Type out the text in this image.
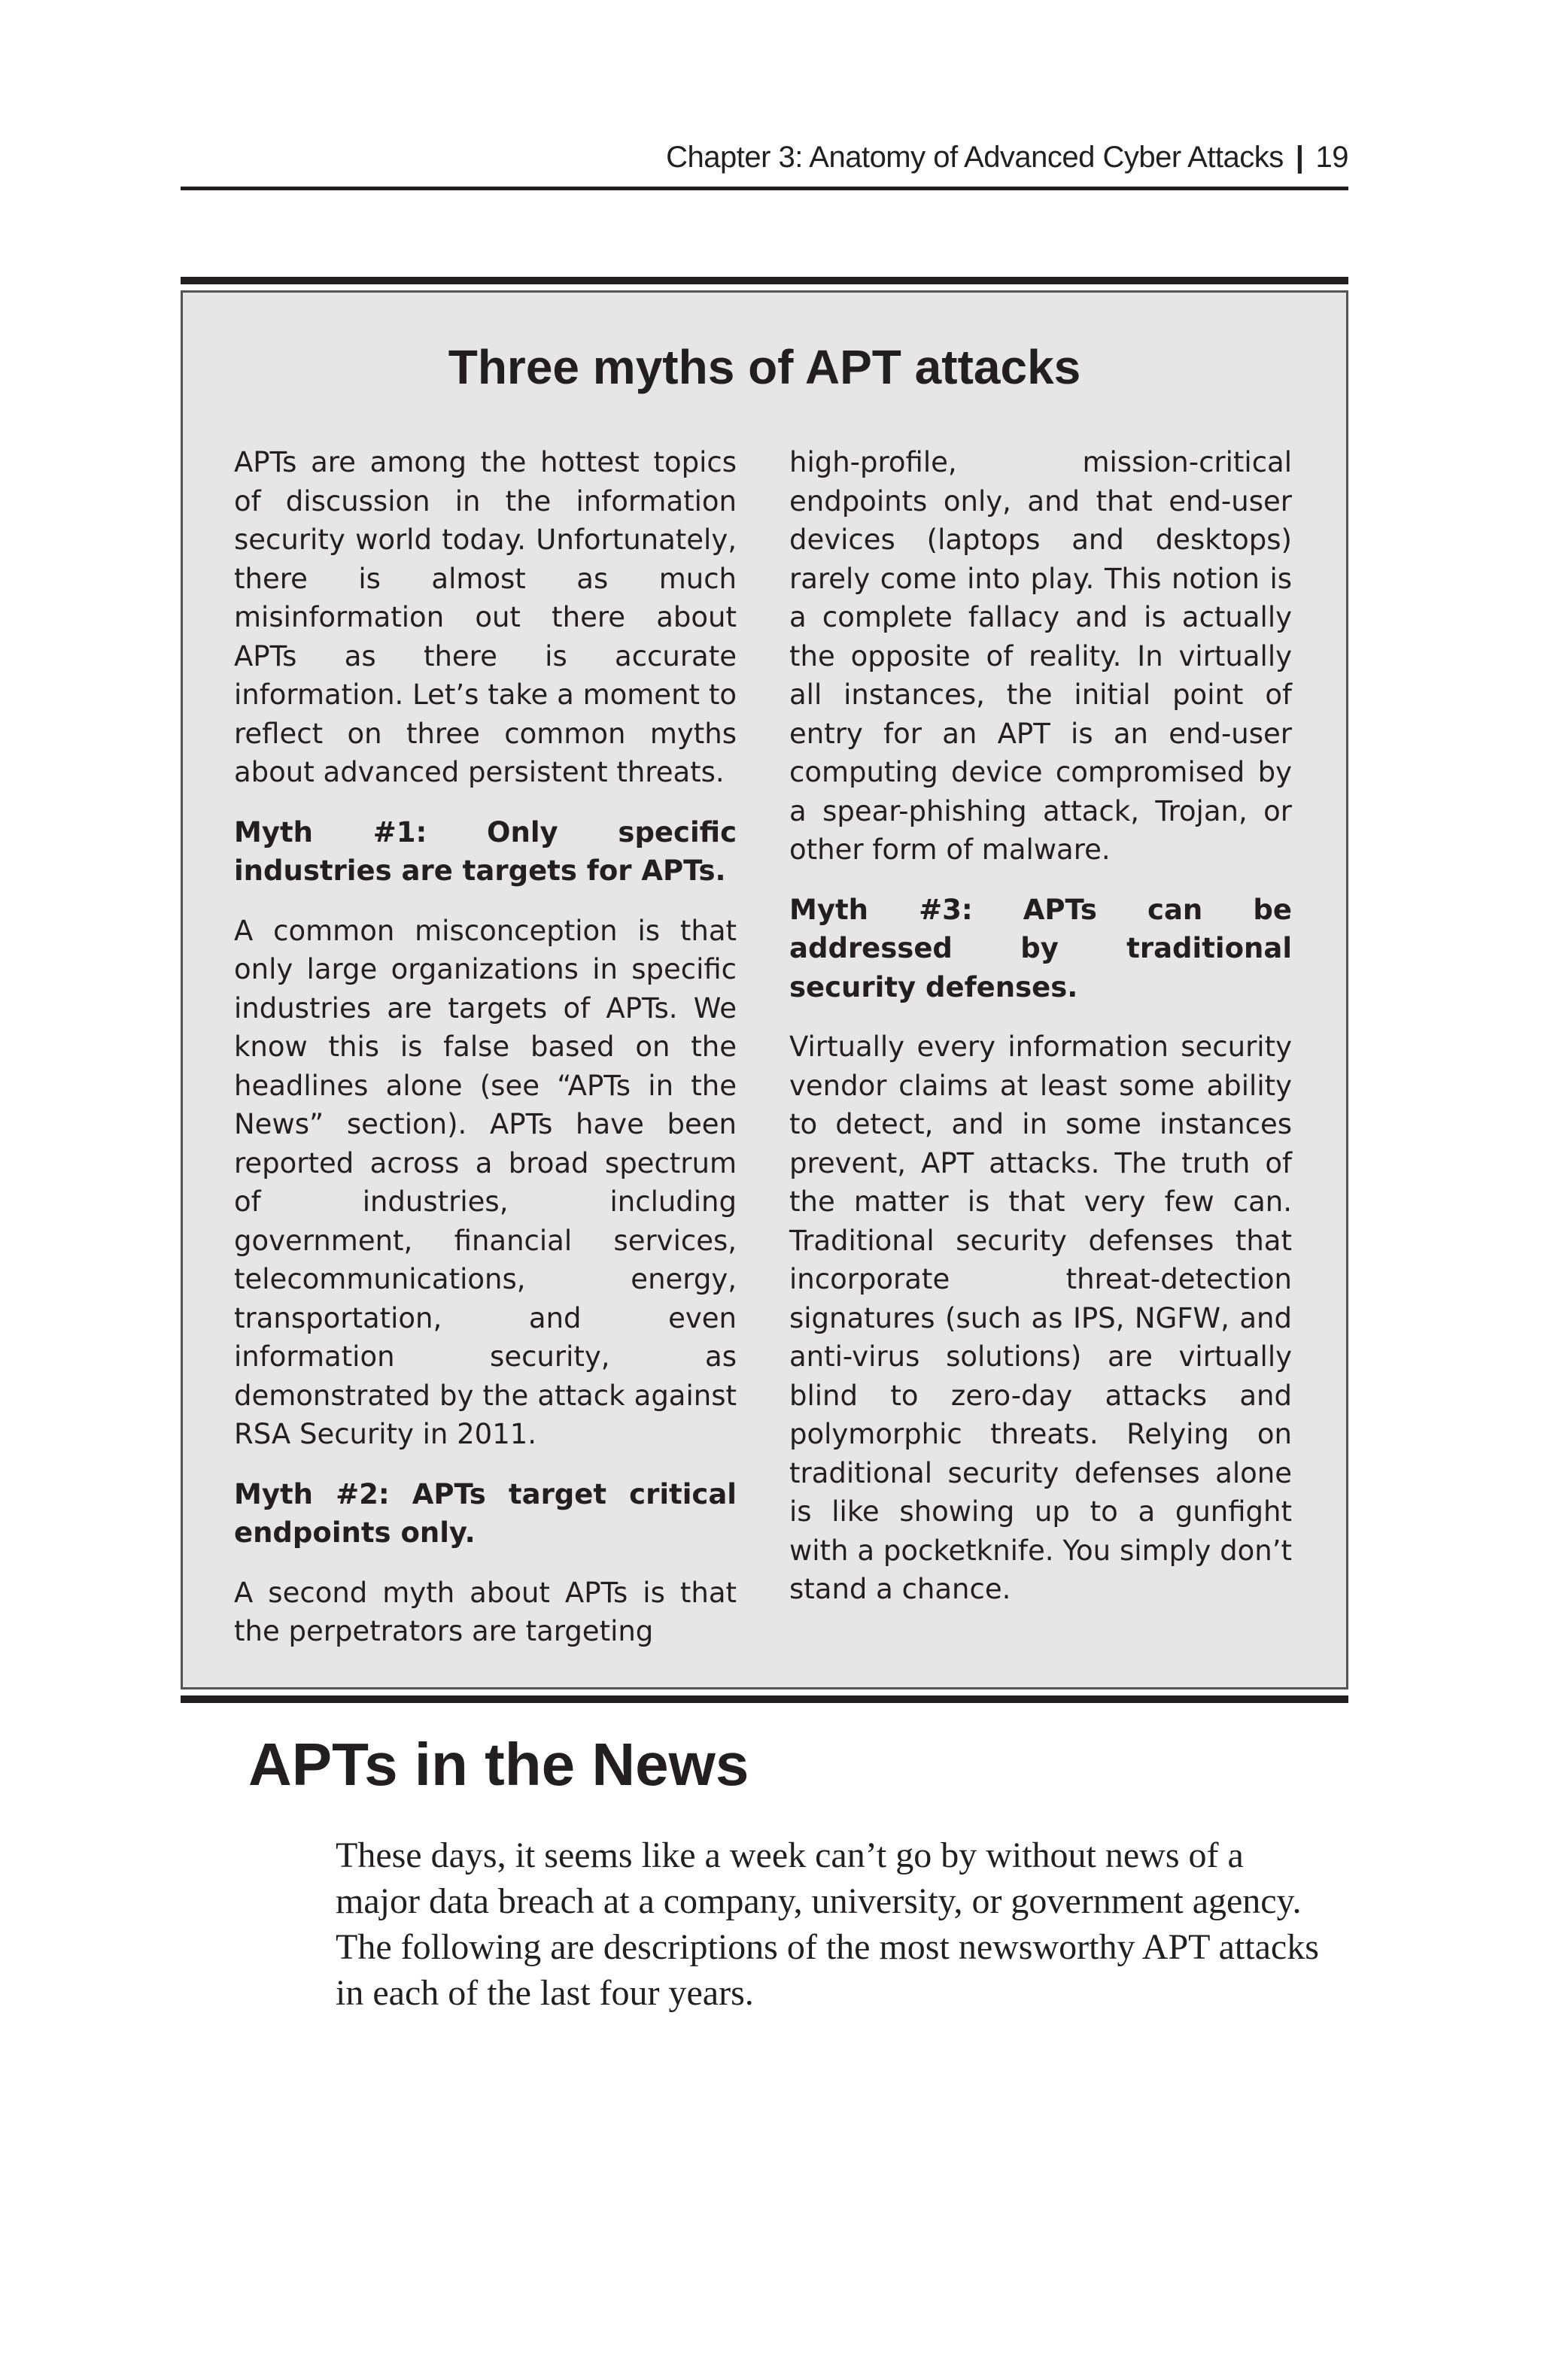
Chapter 3: Anatomy of Advanced Cyber Attacks | 19
Three myths of APT attacks

APTs are among the hottest topics of discussion in the information security world today. Unfortunately, there is almost as much misinformation out there about APTs as there is accurate information. Let’s take a moment to reflect on three common myths about advanced persistent threats.

Myth #1: Only specific industries are targets for APTs.

A common misconception is that only large organizations in specific industries are targets of APTs. We know this is false based on the headlines alone (see “APTs in the News” section). APTs have been reported across a broad spectrum of industries, including government, financial services, telecommunications, energy, transportation, and even information security, as demonstrated by the attack against RSA Security in 2011.

Myth #2: APTs target critical endpoints only.

A second myth about APTs is that the perpetrators are targeting

high-profile, mission-critical endpoints only, and that end-user devices (laptops and desktops) rarely come into play. This notion is a complete fallacy and is actually the opposite of reality. In virtually all instances, the initial point of entry for an APT is an end-user computing device compromised by a spear-phishing attack, Trojan, or other form of malware.

Myth #3: APTs can be addressed by traditional security defenses.

Virtually every information security vendor claims at least some ability to detect, and in some instances prevent, APT attacks. The truth of the matter is that very few can. Traditional security defenses that incorporate threat-detection signatures (such as IPS, NGFW, and anti-virus solutions) are virtually blind to zero-day attacks and polymorphic threats. Relying on traditional security defenses alone is like showing up to a gunfight with a pocketknife. You simply don’t stand a chance.

APTs in the News

These days, it seems like a week can’t go by without news of a major data breach at a company, university, or government agency. The following are descriptions of the most newsworthy APT attacks in each of the last four years.
